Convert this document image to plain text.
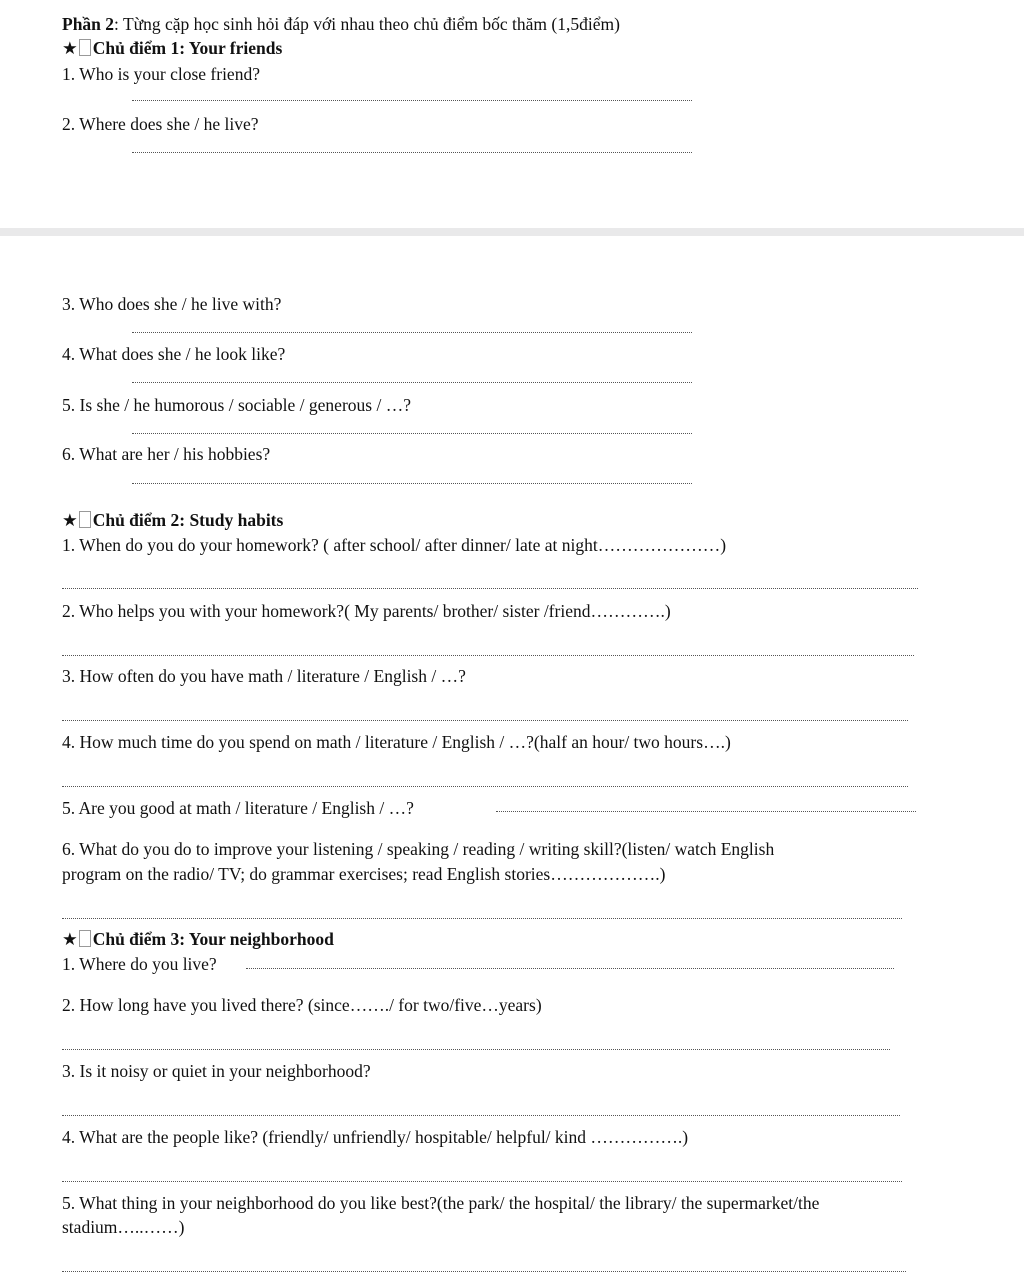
Phần 2: Từng cặp học sinh hỏi đáp với nhau theo chủ điểm bốc thăm (1,5điểm)
★ Chủ điểm 1: Your friends
1. Who is your close friend?
2. Where does she / he live?
3. Who does she / he live with?
4. What does she / he look like?
5. Is she / he humorous / sociable / generous / …?
6. What are her / his hobbies?
★ Chủ điểm 2: Study habits
1. When do you do your homework? ( after school/ after dinner/ late at night…………………)
2. Who helps you with your homework?( My parents/ brother/ sister /friend………….)
3. How often do you have math / literature / English / …?
4. How much time do you spend on math / literature / English / …?(half an hour/ two hours….)
5. Are you good at math / literature / English / …?
6. What do you do to improve your listening / speaking / reading / writing skill?(listen/ watch English
program on the radio/ TV; do grammar exercises; read English stories……………….)
★ Chủ điểm 3: Your neighborhood
1. Where do you live?
2. How long have you lived there? (since……./ for two/five…years)
3. Is it noisy or quiet in your neighborhood?
4. What are the people like? (friendly/ unfriendly/ hospitable/ helpful/ kind …………….)
5. What thing in your neighborhood do you like best?(the park/ the hospital/ the library/ the supermarket/the
stadium…..……)
